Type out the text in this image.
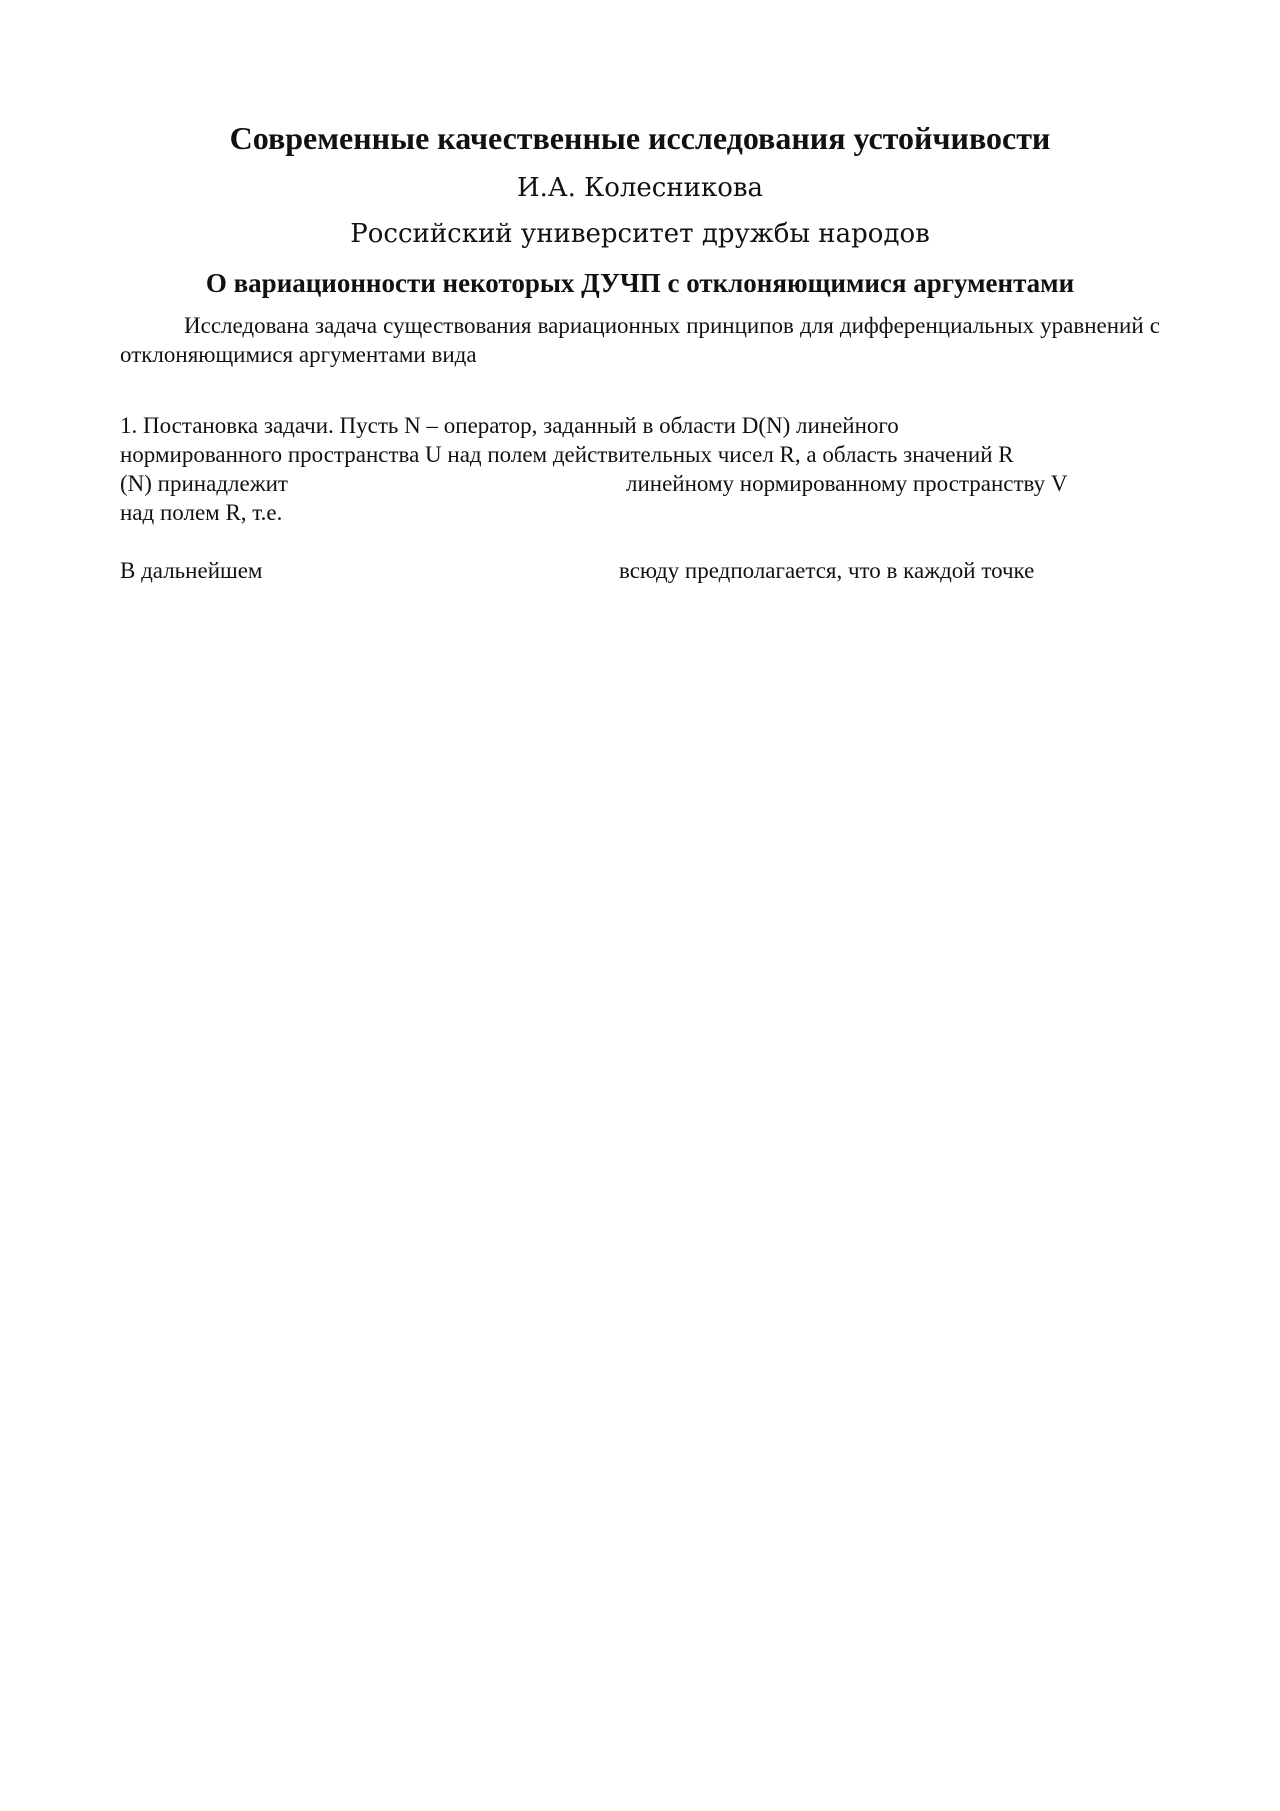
Современные качественные исследования устойчивости
И.А. Колесникова
Российский университет дружбы народов
О вариационности некоторых ДУЧП с отклоняющимися аргументами

Исследована задача существования вариационных принципов для дифференциальных уравнений с отклоняющимися аргументами вида

1. Постановка задачи. Пусть N – оператор, заданный в области D(N) линейного
нормированного пространства U над полем действительных чисел R, а область значений R
(N) принадлежит	линейному нормированному пространству V
над полем R, т.е.
В дальнейшем	всюду предполагается, что в каждой точке
